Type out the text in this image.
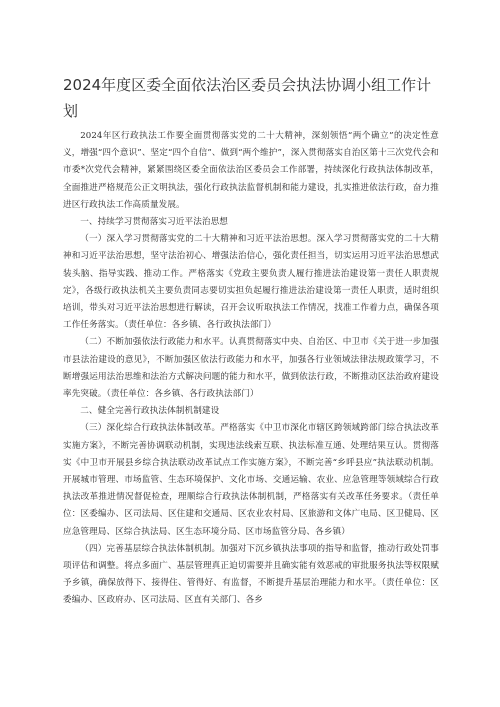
2024年度区委全面依法治区委员会执法协调小组工作计划

2024年区行政执法工作要全面贯彻落实党的二十大精神，深刻领悟“两个确立”的决定性意义，增强“四个意识”、坚定“四个自信”、做到“两个维护”，深入贯彻落实自治区第十三次党代会和市委*次党代会精神，紧紧围绕区委全面依法治区委员会工作部署，持续深化行政执法体制改革，全面推进严格规范公正文明执法，强化行政执法监督机制和能力建设，扎实推进依法行政，奋力推进区行政执法工作高质量发展。

一、持续学习贯彻落实习近平法治思想

（一）深入学习贯彻落实党的二十大精神和习近平法治思想。深入学习贯彻落实党的二十大精神和习近平法治思想，坚守法治初心、增强法治信心，强化责任担当，切实运用习近平法治思想武装头脑、指导实践、推动工作。严格落实《党政主要负责人履行推进法治建设第一责任人职责规定》，各级行政执法机关主要负责同志要切实担负起履行推进法治建设第一责任人职责，适时组织培训，带头对习近平法治思想进行解读，召开会议听取执法工作情况，找准工作着力点，确保各项工作任务落实。（责任单位：各乡镇、各行政执法部门）

（二）不断加强依法行政能力和水平。认真贯彻落实中央、自治区、中卫市《关于进一步加强市县法治建设的意见》，不断加强区依法行政能力和水平，加强各行业领域法律法规政策学习，不断增强运用法治思维和法治方式解决问题的能力和水平，做到依法行政，不断推动区法治政府建设率先突破。（责任单位：各乡镇、各行政执法部门）

二、健全完善行政执法体制机制建设

（三）深化综合行政执法体制改革。严格落实《中卫市深化市辖区跨领域跨部门综合执法改革实施方案》，不断完善协调联动机制，实现违法线索互联、执法标准互通、处理结果互认。贯彻落实《中卫市开展县乡综合执法联动改革试点工作实施方案》，不断完善“乡呼县应”执法联动机制。开展城市管理、市场监管、生态环境保护、文化市场、交通运输、农业、应急管理等领域综合行政执法改革推进情况督促检查，理顺综合行政执法体制机制，严格落实有关改革任务要求。（责任单位：区委编办、区司法局、区住建和交通局、区农业农村局、区旅游和文体广电局、区卫健局、区应急管理局、区综合执法局、区生态环境分局、区市场监管分局、各乡镇）

（四）完善基层综合执法体制机制。加强对下沉乡镇执法事项的指导和监督，推动行政处罚事项评估和调整。将点多面广、基层管理真正迫切需要并且确实能有效恶戒的审批服务执法等权限赋予乡镇，确保放得下、接得住、管得好、有监督，不断提升基层治理能力和水平。（责任单位：区委编办、区政府办、区司法局、区直有关部门、各乡
